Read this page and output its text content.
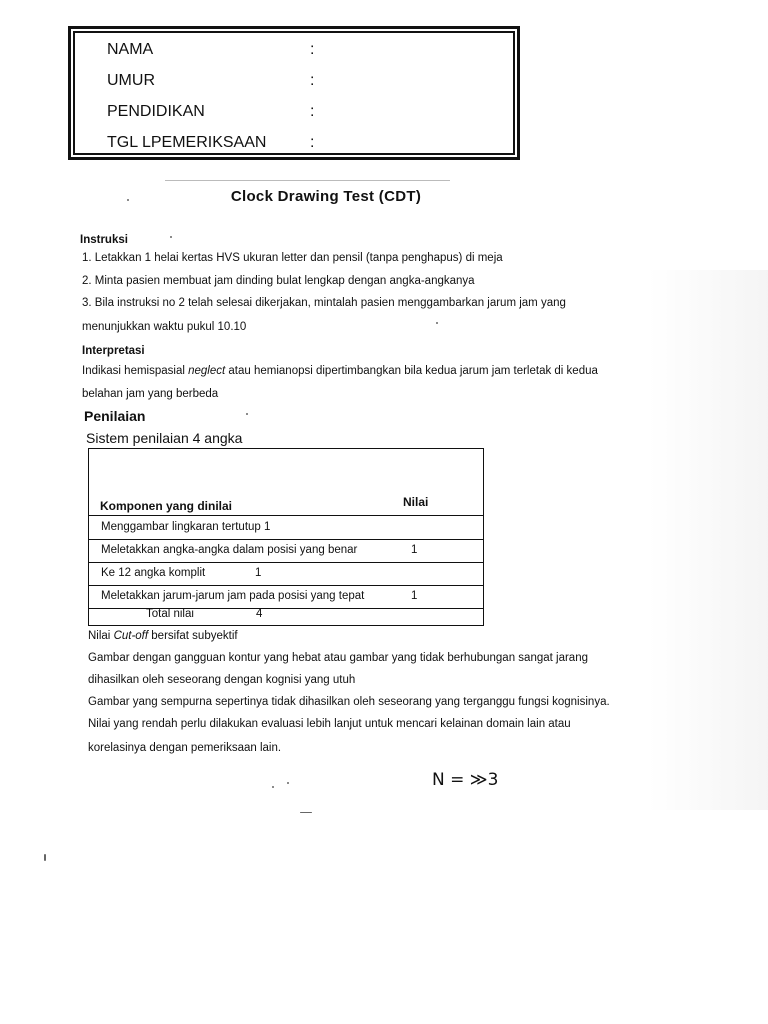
NAMA	:
UMUR	:
PENDIDIKAN	:
TGL LPEMERIKSAAN	:
Clock Drawing Test (CDT)
Instruksi
1. Letakkan 1 helai kertas HVS ukuran letter dan pensil (tanpa penghapus) di meja
2. Minta pasien membuat jam dinding bulat lengkap dengan angka-angkanya
3. Bila instruksi no 2 telah selesai dikerjakan, mintalah pasien menggambarkan jarum jam yang
menunjukkan waktu pukul 10.10
Interpretasi
Indikasi hemispasial neglect atau hemianopsi dipertimbangkan bila kedua jarum jam terletak di kedua
belahan jam yang berbeda
Penilaian
Sistem penilaian 4 angka
Komponen yang dinilai	Nilai
Menggambar lingkaran tertutup 1
Meletakkan angka-angka dalam posisi yang benar	1
Ke 12 angka komplit	1
Meletakkan jarum-jarum jam pada posisi yang tepat	1
Total nilai	4
Nilai Cut-off bersifat subyektif
Gambar dengan gangguan kontur yang hebat atau gambar yang tidak berhubungan sangat jarang
dihasilkan oleh seseorang dengan kognisi yang utuh
Gambar yang sempurna sepertinya tidak dihasilkan oleh seseorang yang terganggu fungsi kognisinya.
Nilai yang rendah perlu dilakukan evaluasi lebih lanjut untuk mencari kelainan domain lain atau
korelasinya dengan pemeriksaan lain.
N = ≫3
